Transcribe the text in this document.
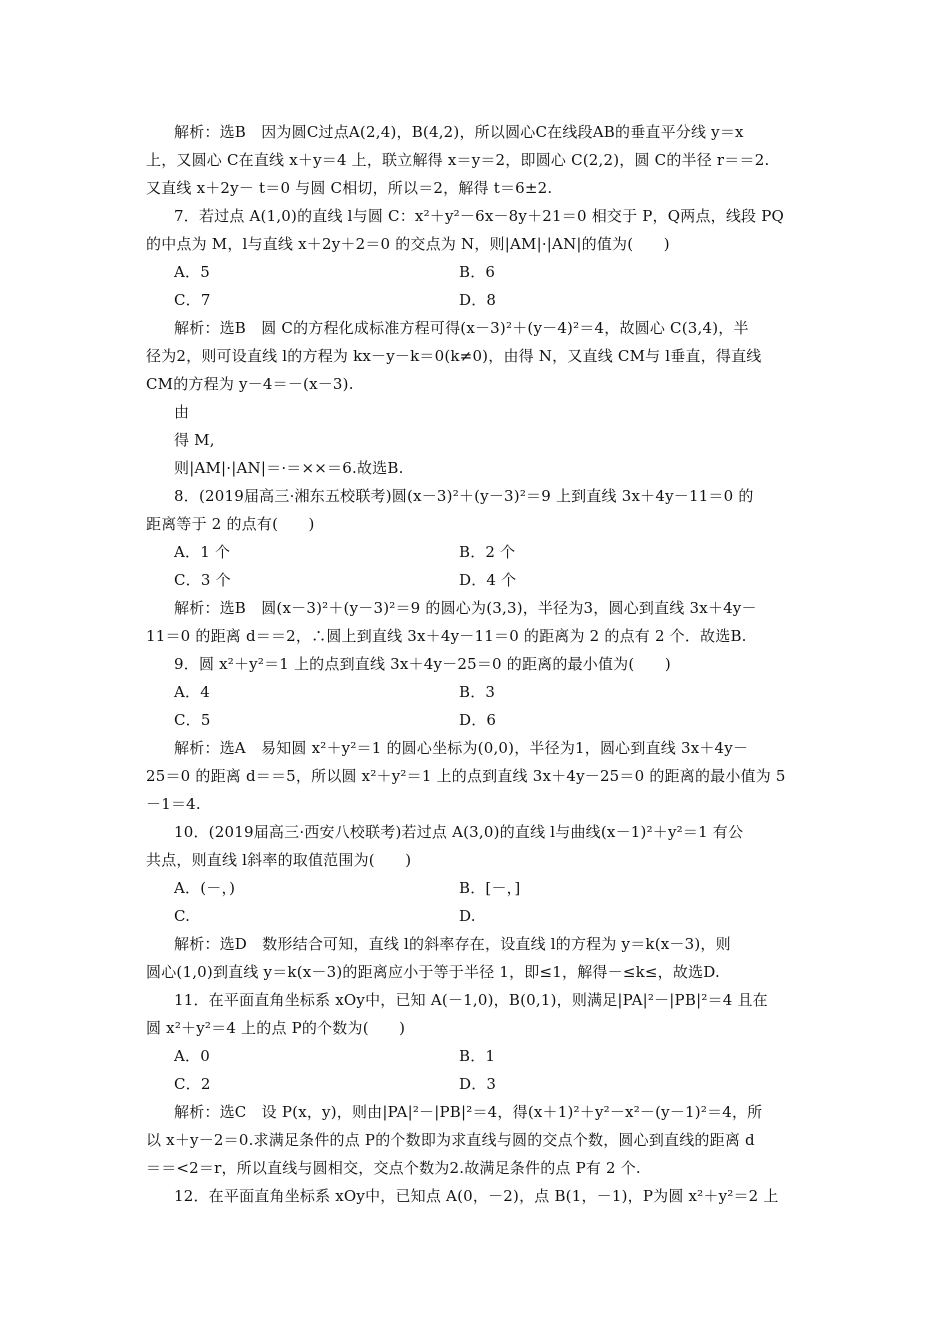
解析：选B　因为圆C过点A(2,4)，B(4,2)，所以圆心C在线段AB的垂直平分线 y＝x
上，又圆心 C在直线 x＋y＝4 上，联立解得 x＝y＝2，即圆心 C(2,2)，圆 C的半径 r＝＝2.
又直线 x＋2y－ t＝0 与圆 C相切，所以＝2，解得 t＝6±2.
7．若过点 A(1,0)的直线 l与圆 C：x²＋y²－6x－8y＋21＝0 相交于 P，Q两点，线段 PQ
的中点为 M，l与直线 x＋2y＋2＝0 的交点为 N，则|AM|·|AN|的值为(　　)
A．5	B．6
C．7	D．8
解析：选B　圆 C的方程化成标准方程可得(x－3)²＋(y－4)²＝4，故圆心 C(3,4)，半
径为2，则可设直线 l的方程为 kx－y－k＝0(k≠0)，由得 N，又直线 CM与 l垂直，得直线
CM的方程为 y－4＝－(x－3).
由
得 M,
则|AM|·|AN|＝·＝××＝6.故选B.
8．(2019届高三·湘东五校联考)圆(x－3)²＋(y－3)²＝9 上到直线 3x＋4y－11＝0 的
距离等于 2 的点有(　　)
A．1 个	B．2 个
C．3 个	D．4 个
解析：选B　圆(x－3)²＋(y－3)²＝9 的圆心为(3,3)，半径为3，圆心到直线 3x＋4y－
11＝0 的距离 d＝＝2，∴圆上到直线 3x＋4y－11＝0 的距离为 2 的点有 2 个．故选B.
9．圆 x²＋y²＝1 上的点到直线 3x＋4y－25＝0 的距离的最小值为(　　)
A．4	B．3
C．5	D．6
解析：选A　易知圆 x²＋y²＝1 的圆心坐标为(0,0)，半径为1，圆心到直线 3x＋4y－
25＝0 的距离 d＝＝5，所以圆 x²＋y²＝1 上的点到直线 3x＋4y－25＝0 的距离的最小值为 5
－1＝4.
10．(2019届高三·西安八校联考)若过点 A(3,0)的直线 l与曲线(x－1)²＋y²＝1 有公
共点，则直线 l斜率的取值范围为(　　)
A．(－，)	B．[－，]
C.	D.
解析：选D　数形结合可知，直线 l的斜率存在，设直线 l的方程为 y＝k(x－3)，则
圆心(1,0)到直线 y＝k(x－3)的距离应小于等于半径 1，即≤1，解得－≤k≤，故选D.
11．在平面直角坐标系 xOy中，已知 A(－1,0)，B(0,1)，则满足|PA|²－|PB|²＝4 且在
圆 x²＋y²＝4 上的点 P的个数为(　　)
A．0	B．1
C．2	D．3
解析：选C　设 P(x，y)，则由|PA|²－|PB|²＝4，得(x＋1)²＋y²－x²－(y－1)²＝4，所
以 x＋y－2＝0.求满足条件的点 P的个数即为求直线与圆的交点个数，圆心到直线的距离 d
＝＝<2＝r，所以直线与圆相交，交点个数为2.故满足条件的点 P有 2 个.
12．在平面直角坐标系 xOy中，已知点 A(0，－2)，点 B(1，－1)，P为圆 x²＋y²＝2 上
